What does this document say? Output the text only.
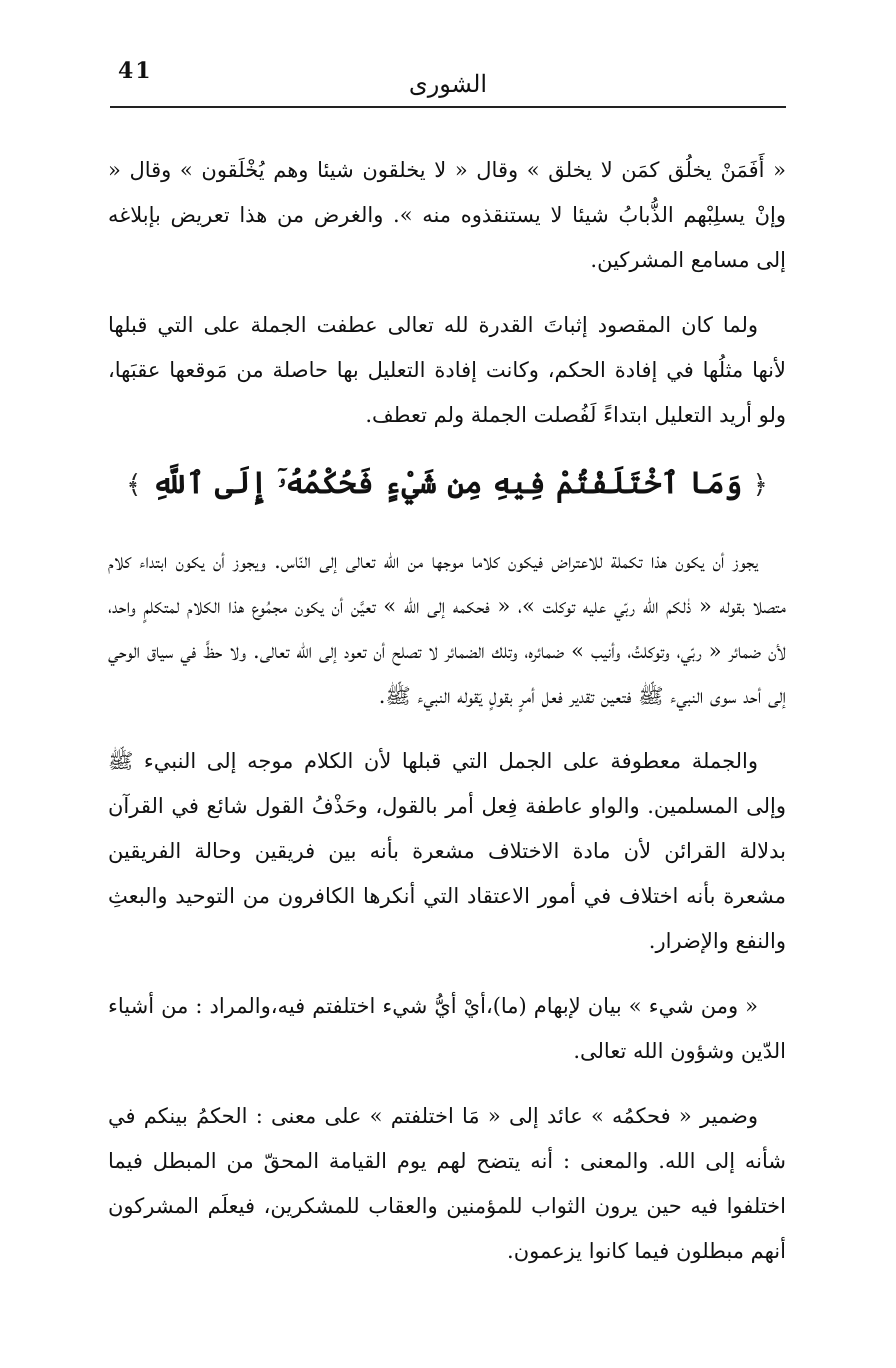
41	الشورى

« أَفَمَنْ يخلُق كمَن لا يخلق » وقال « لا يخلقون شيئا وهم يُخْلَقون » وقال « وإنْ يسلِبْهم الذُّبابُ شيئا لا يستنقذوه منه ». والغرض من هذا تعريض بإبلاغه إلى مسامع المشركين.

ولما كان المقصود إثباتَ القدرة لله تعالى عطفت الجملة على التي قبلها لأنها مثلُها في إفادة الحكم، وكانت إفادة التعليل بها حاصلة من مَوقعها عقبَها، ولو أريد التعليل ابتداءً لَفُصلت الجملة ولم تعطف.

﴿ وَمَا ٱخْتَلَفْتُمْ فِيهِ مِن شَيْءٍ فَحُكْمُهُۥٓ إِلَى ٱللَّهِ ﴾

يجوز أن يكون هذا تكملة للاعتراض فيكون كلاما موجها من الله تعالى إلى النّاس. ويجوز أن يكون ابتداء كلام متصلا بقوله « ذٰلكم الله ربّي عليه توكلت »، « فحكمه إلى الله » تعيَّن أن يكون مجمُوع هذا الكلام لمتكلمٍ واحد، لأن ضمائر « ربّي، وتوكلتُ، وأنيب » ضمائره، وتلك الضمائر لا تصلح أن تعود إلى الله تعالى. ولا حظَّ في سياق الوحي إلى أحد سوى النبيء ﷺ فتعين تقدير فعل أمرٍ بقولٍ يَقوله النبيء ﷺ.

والجملة معطوفة على الجمل التي قبلها لأن الكلام موجه إلى النبيء ﷺ وإلى المسلمين. والواو عاطفة فِعل أمر بالقول، وحَذْفُ القول شائع في القرآن بدلالة القرائن لأن مادة الاختلاف مشعرة بأنه بين فريقين وحالة الفريقين مشعرة بأنه اختلاف في أمور الاعتقاد التي أنكرها الكافرون من التوحيد والبعثِ والنفع والإضرار.

« ومن شيء » بيان لإبهام (ما)،أيْ أيُّ شيء اختلفتم فيه،والمراد : من أشياء الدّين وشؤون الله تعالى.

وضمير « فحكمُه » عائد إلى « مَا اختلفتم » على معنى : الحكمُ بينكم في شأنه إلى الله. والمعنى : أنه يتضح لهم يوم القيامة المحقّ من المبطل فيما اختلفوا فيه حين يرون الثواب للمؤمنين والعقاب للمشكرين، فيعلَم المشركون أنهم مبطلون فيما كانوا يزعمون.
